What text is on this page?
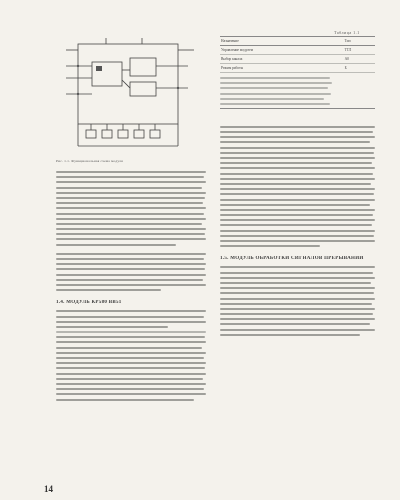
Таблица 1.1
Рис. 1.1. Функциональная схема модуля
1.4. МОДУЛЬ КР580 ВВ51
Назначение	Тип
Управление модулем	ТТЛ
Выбор канала	А0
Режим работы	Б
1.5. МОДУЛЬ ОБРАБОТКИ СИГНАЛОВ ПРЕРЫВАНИЙ
14
